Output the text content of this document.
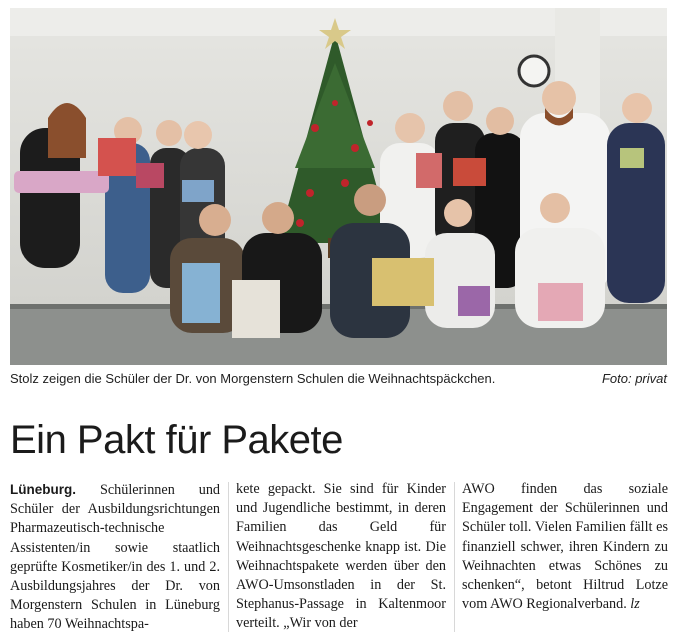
Stolz zeigen die Schüler der Dr. von Morgenstern Schulen die Weihnachtspäckchen.	Foto: privat
Ein Pakt für Pakete

Lüneburg. Schülerinnen und Schüler der Ausbildungsrichtungen Pharmazeutisch-technische Assistenten/in sowie staatlich geprüfte Kosmetiker/in des 1. und 2. Ausbildungsjahres der Dr. von Morgenstern Schulen in Lüneburg haben 70 Weihnachtspa-

kete gepackt. Sie sind für Kinder und Jugendliche bestimmt, in deren Familien das Geld für Weihnachtsgeschenke knapp ist. Die Weihnachtspakete werden über den AWO-Umsonstladen in der St. Stephanus-Passage in Kaltenmoor verteilt. „Wir von der

AWO finden das soziale Engagement der Schülerinnen und Schüler toll. Vielen Familien fällt es finanziell schwer, ihren Kindern zu Weihnachten etwas Schönes zu schenken“, betont Hiltrud Lotze vom AWO Regionalverband. lz
